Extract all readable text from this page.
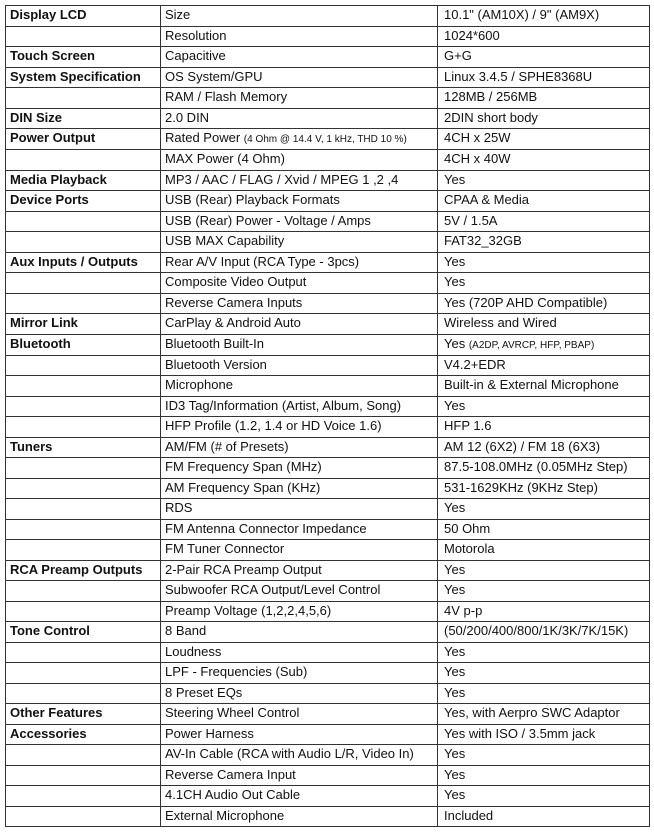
Display LCD	Size	10.1" (AM10X) / 9" (AM9X)
	Resolution	1024*600
Touch Screen	Capacitive	G+G
System Specification	OS System/GPU	Linux 3.4.5 / SPHE8368U
	RAM / Flash Memory	128MB / 256MB
DIN Size	2.0 DIN	2DIN short body
Power Output	Rated Power (4 Ohm @ 14.4 V, 1 kHz, THD 10 %)	4CH x 25W
	MAX Power (4 Ohm)	4CH x 40W
Media Playback	MP3 / AAC / FLAG / Xvid / MPEG 1 ,2 ,4	Yes
Device Ports	USB (Rear) Playback Formats	CPAA & Media
	USB (Rear) Power - Voltage / Amps	5V / 1.5A
	USB MAX Capability	FAT32_32GB
Aux Inputs / Outputs	Rear A/V Input (RCA Type - 3pcs)	Yes
	Composite Video Output	Yes
	Reverse Camera Inputs	Yes (720P AHD Compatible)
Mirror Link	CarPlay & Android Auto	Wireless and Wired
Bluetooth	Bluetooth Built-In	Yes (A2DP, AVRCP, HFP, PBAP)
	Bluetooth Version	V4.2+EDR
	Microphone	Built-in & External Microphone
	ID3 Tag/Information (Artist, Album, Song)	Yes
	HFP Profile (1.2, 1.4 or HD Voice 1.6)	HFP 1.6
Tuners	AM/FM (# of Presets)	AM 12 (6X2) / FM 18 (6X3)
	FM Frequency Span (MHz)	87.5-108.0MHz (0.05MHz Step)
	AM Frequency Span (KHz)	531-1629KHz (9KHz Step)
	RDS	Yes
	FM Antenna Connector Impedance	50 Ohm
	FM Tuner Connector	Motorola
RCA Preamp Outputs	2-Pair RCA Preamp Output	Yes
	Subwoofer RCA Output/Level Control	Yes
	Preamp Voltage (1,2,2,4,5,6)	4V p-p
Tone Control	8 Band	(50/200/400/800/1K/3K/7K/15K)
	Loudness	Yes
	LPF - Frequencies (Sub)	Yes
	8 Preset EQs	Yes
Other Features	Steering Wheel Control	Yes, with Aerpro SWC Adaptor
Accessories	Power Harness	Yes with ISO / 3.5mm jack
	AV-In Cable (RCA with Audio L/R, Video In)	Yes
	Reverse Camera Input	Yes
	4.1CH Audio Out Cable	Yes
	External Microphone	Included
